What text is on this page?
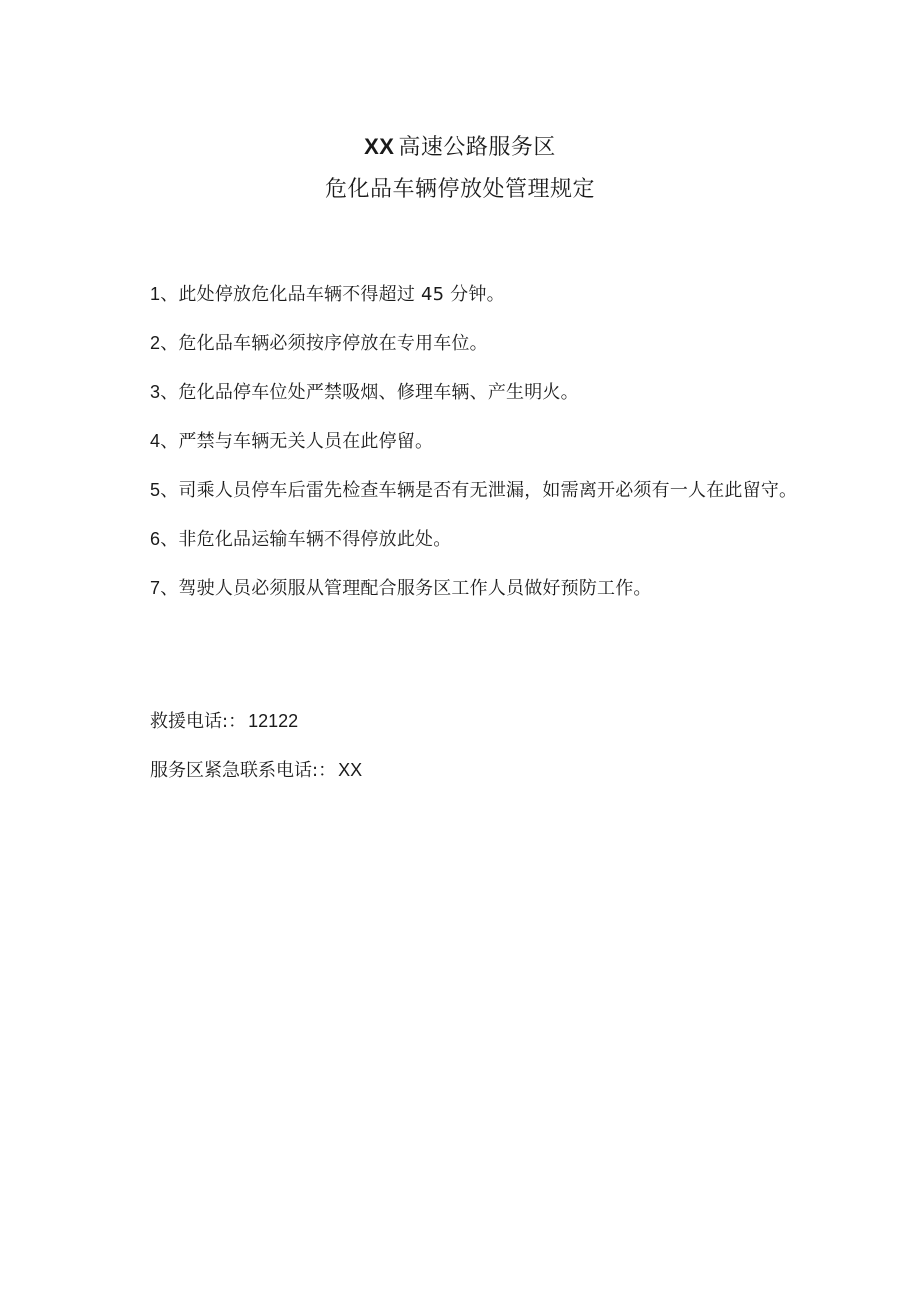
XX 高速公路服务区
危化品车辆停放处管理规定
1、此处停放危化品车辆不得超过 45 分钟。
2、危化品车辆必须按序停放在专用车位。
3、危化品停车位处严禁吸烟、修理车辆、产生明火。
4、严禁与车辆无关人员在此停留。
5、司乘人员停车后雷先检查车辆是否有无泄漏，如需离开必须有一人在此留守。
6、非危化品运输车辆不得停放此处。
7、驾驶人员必须服从管理配合服务区工作人员做好预防工作。
救援电话:： 12122
服务区紧急联系电话:： XX
